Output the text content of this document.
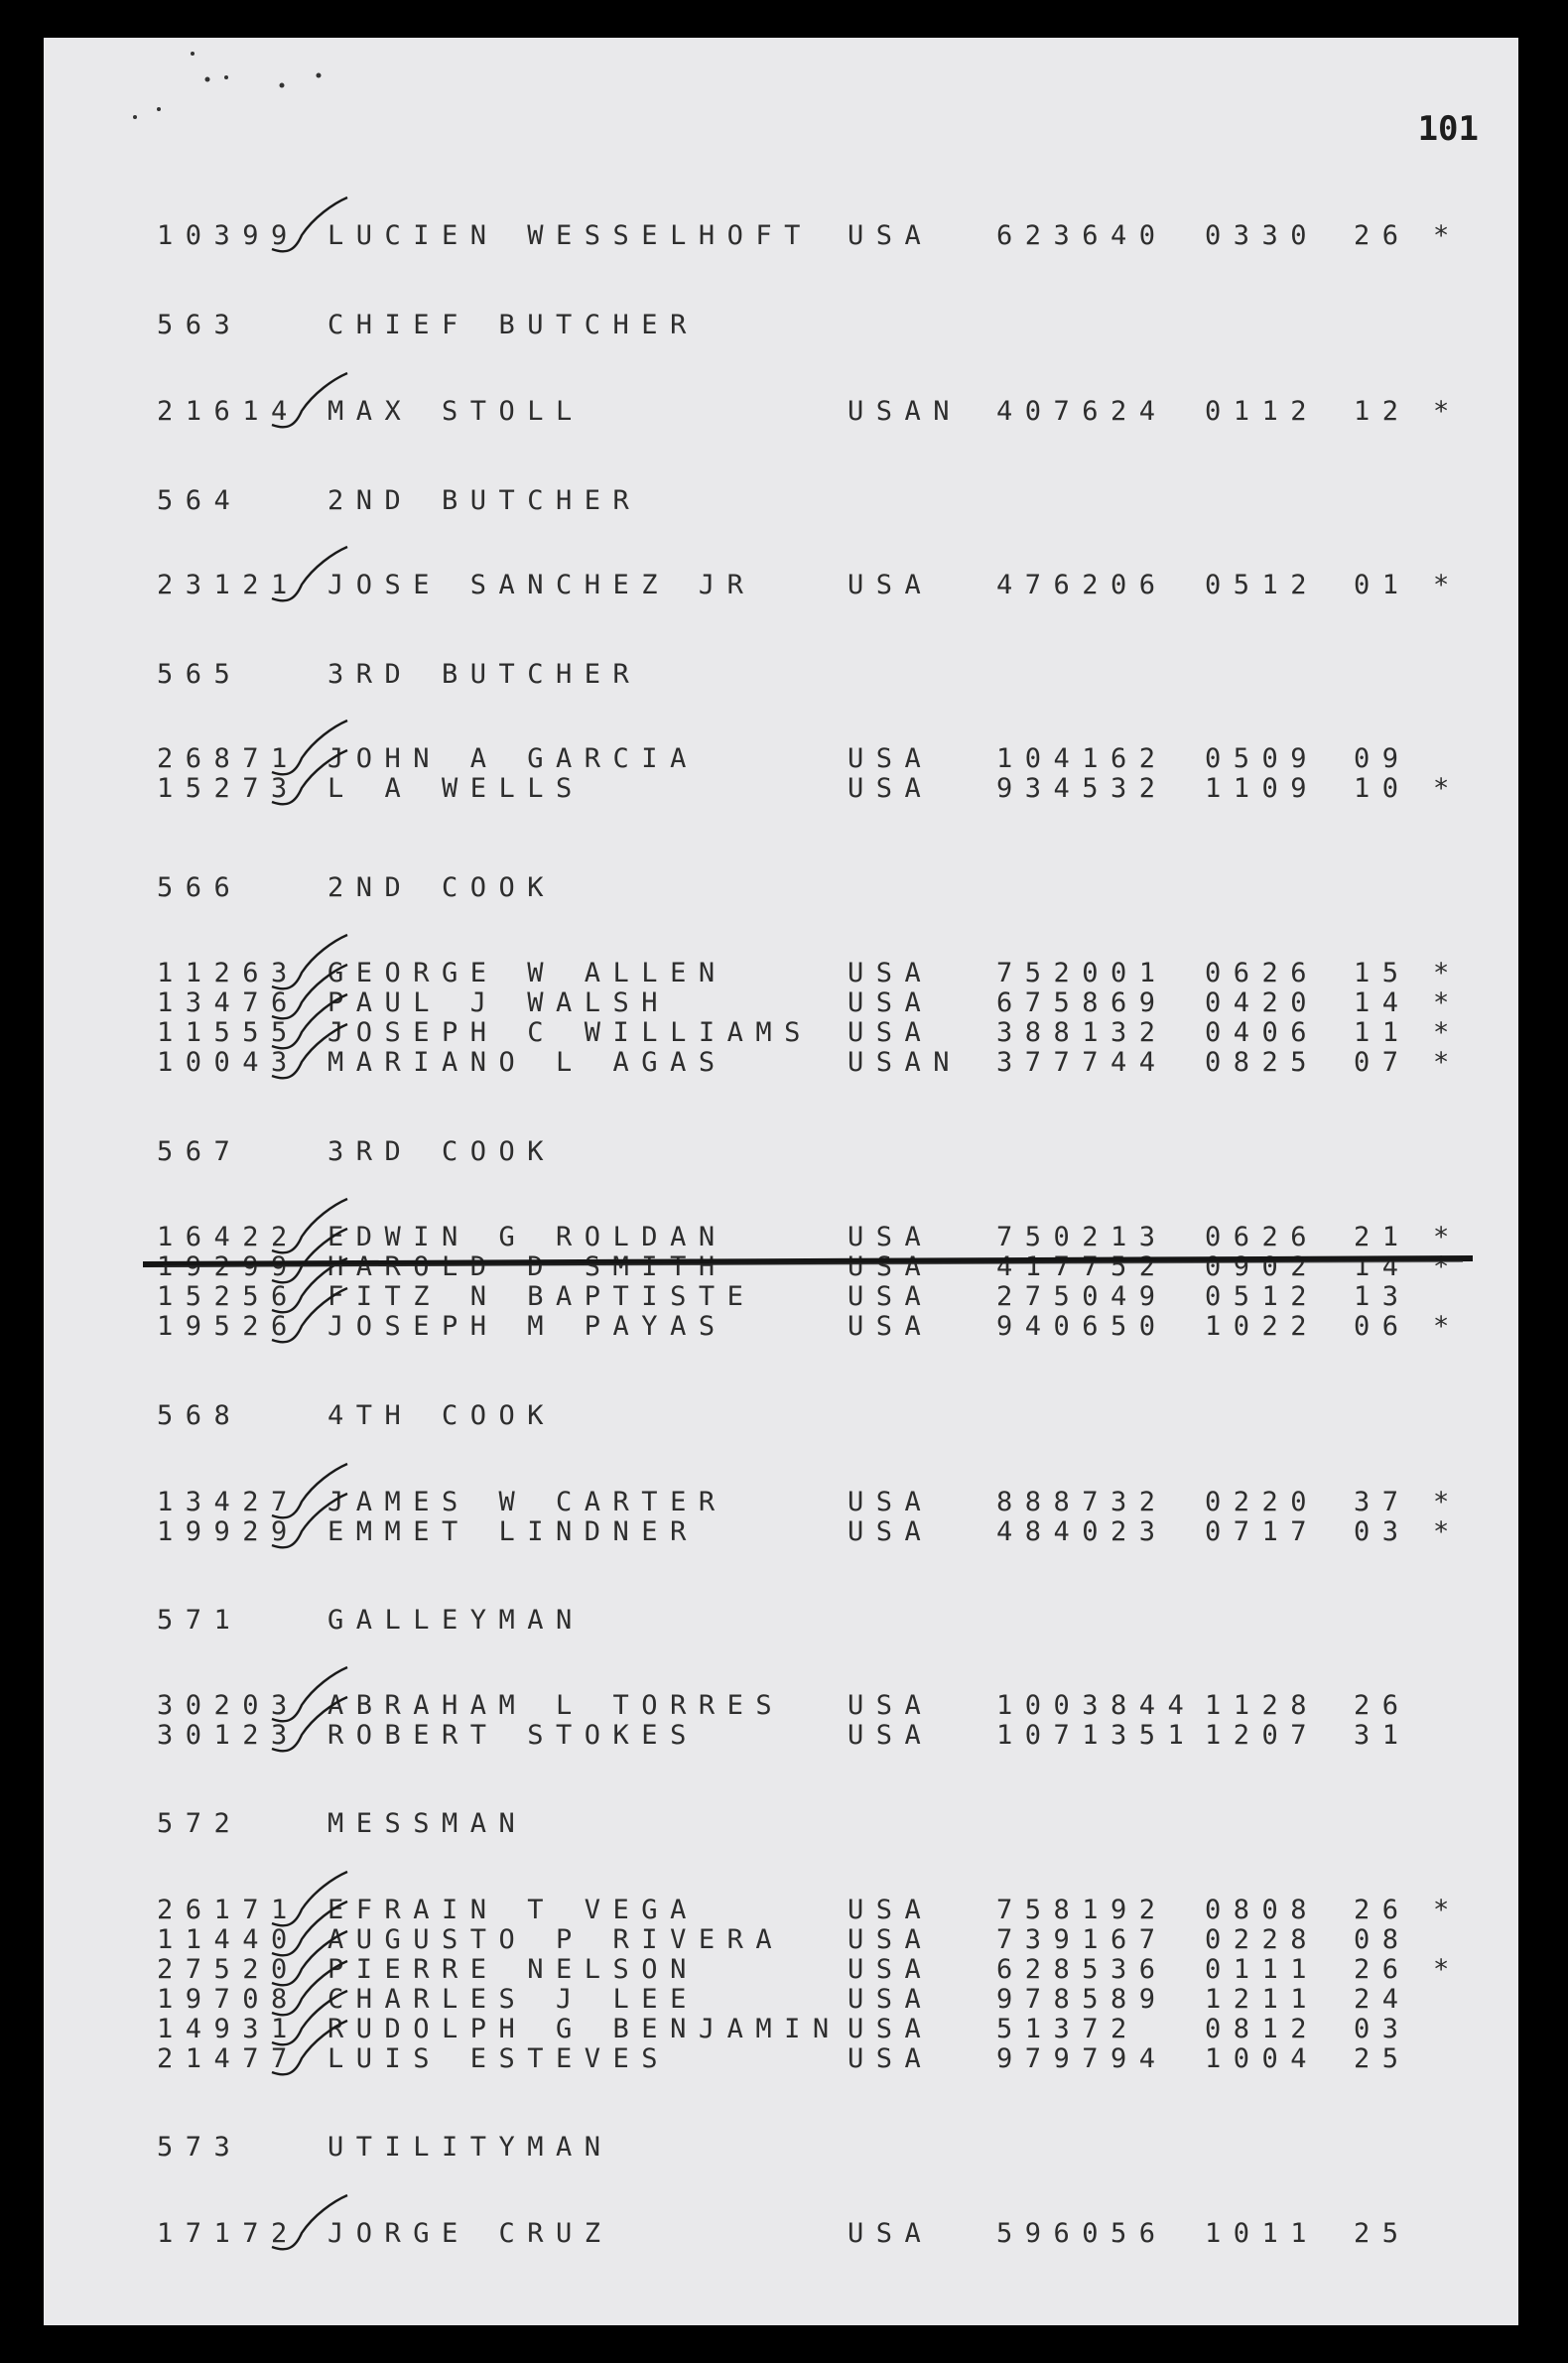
101
10399 LUCIEN WESSELHOFT USA 623640 0330 26 *
563	CHIEF BUTCHER
21614 MAX STOLL	USAN 407624 0112 12 *
564	2ND BUTCHER
23121 JOSE SANCHEZ JR	USA 476206 0512 01 *
565	3RD BUTCHER
26871 JOHN A GARCIA	USA 104162 0509 09
15273 L A WELLS	USA 934532 1109 10 *
566	2ND COOK
11263 GEORGE W ALLEN	USA 752001 0626 15 *
13476 PAUL J WALSH	USA 675869 0420 14 *
11555 JOSEPH C WILLIAMS USA 388132 0406 11 *
10043 MARIANO L AGAS	USAN 377744 0825 07 *
567	3RD COOK
16422 EDWIN G ROLDAN	USA 750213 0626 21 *
19299 HAROLD D SMITH	USA 417752 0902 14 *
15256 FITZ N BAPTISTE	USA 275049 0512 13
19526 JOSEPH M PAYAS	USA 940650 1022 06 *
568	4TH COOK
13427 JAMES W CARTER	USA 888732 0220 37 *
19929 EMMET LINDNER	USA 484023 0717 03 *
571	GALLEYMAN
30203 ABRAHAM L TORRES USA 1003844 1128 26
30123 ROBERT STOKES	USA 1071351 1207 31
572	MESSMAN
26171 EFRAIN T VEGA	USA 758192 0808 26 *
11440 AUGUSTO P RIVERA USA 739167 0228 08
27520 PIERRE NELSON	USA 628536 0111 26 *
19708 CHARLES J LEE	USA 978589 1211 24
14931 RUDOLPH G BENJAMIN USA 51372 0812 03
21477 LUIS ESTEVES	USA 979794 1004 25
573	UTILITYMAN
17172 JORGE CRUZ	USA 596056 1011 25
